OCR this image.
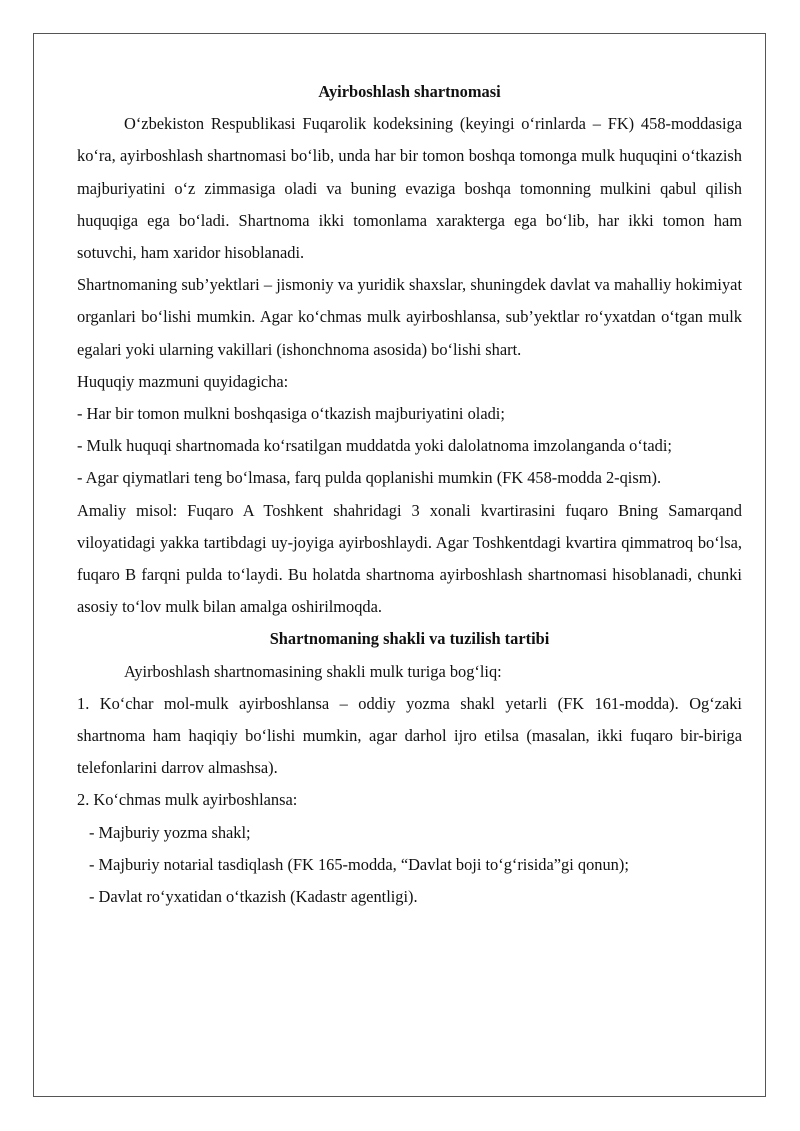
Ayirboshlash shartnomasi

O‘zbekiston Respublikasi Fuqarolik kodeksining (keyingi o‘rinlarda – FK) 458-moddasiga ko‘ra, ayirboshlash shartnomasi bo‘lib, unda har bir tomon boshqa tomonga mulk huquqini o‘tkazish majburiyatini o‘z zimmasiga oladi va buning evaziga boshqa tomonning mulkini qabul qilish huquqiga ega bo‘ladi. Shartnoma ikki tomonlama xarakterga ega bo‘lib, har ikki tomon ham sotuvchi, ham xaridor hisoblanadi.

Shartnomaning sub’yektlari – jismoniy va yuridik shaxslar, shuningdek davlat va mahalliy hokimiyat organlari bo‘lishi mumkin. Agar ko‘chmas mulk ayirboshlansa, sub’yektlar ro‘yxatdan o‘tgan mulk egalari yoki ularning vakillari (ishonchnoma asosida) bo‘lishi shart.

Huquqiy mazmuni quyidagicha:

- Har bir tomon mulkni boshqasiga o‘tkazish majburiyatini oladi;

- Mulk huquqi shartnomada ko‘rsatilgan muddatda yoki dalolatnoma imzolanganda o‘tadi;

- Agar qiymatlari teng bo‘lmasa, farq pulda qoplanishi mumkin (FK 458-modda 2-qism).

Amaliy misol: Fuqaro A Toshkent shahridagi 3 xonali kvartirasini fuqaro Bning Samarqand viloyatidagi yakka tartibdagi uy-joyiga ayirboshlaydi. Agar Toshkentdagi kvartira qimmatroq bo‘lsa, fuqaro B farqni pulda to‘laydi. Bu holatda shartnoma ayirboshlash shartnomasi hisoblanadi, chunki asosiy to‘lov mulk bilan amalga oshirilmoqda.

Shartnomaning shakli va tuzilish tartibi

Ayirboshlash shartnomasining shakli mulk turiga bog‘liq:

1. Ko‘char mol-mulk ayirboshlansa – oddiy yozma shakl yetarli (FK 161-modda). Og‘zaki shartnoma ham haqiqiy bo‘lishi mumkin, agar darhol ijro etilsa (masalan, ikki fuqaro bir-biriga telefonlarini darrov almashsa).

2. Ko‘chmas mulk ayirboshlansa:

- Majburiy yozma shakl;

- Majburiy notarial tasdiqlash (FK 165-modda, “Davlat boji to‘g‘risida”gi qonun);

- Davlat ro‘yxatidan o‘tkazish (Kadastr agentligi).
